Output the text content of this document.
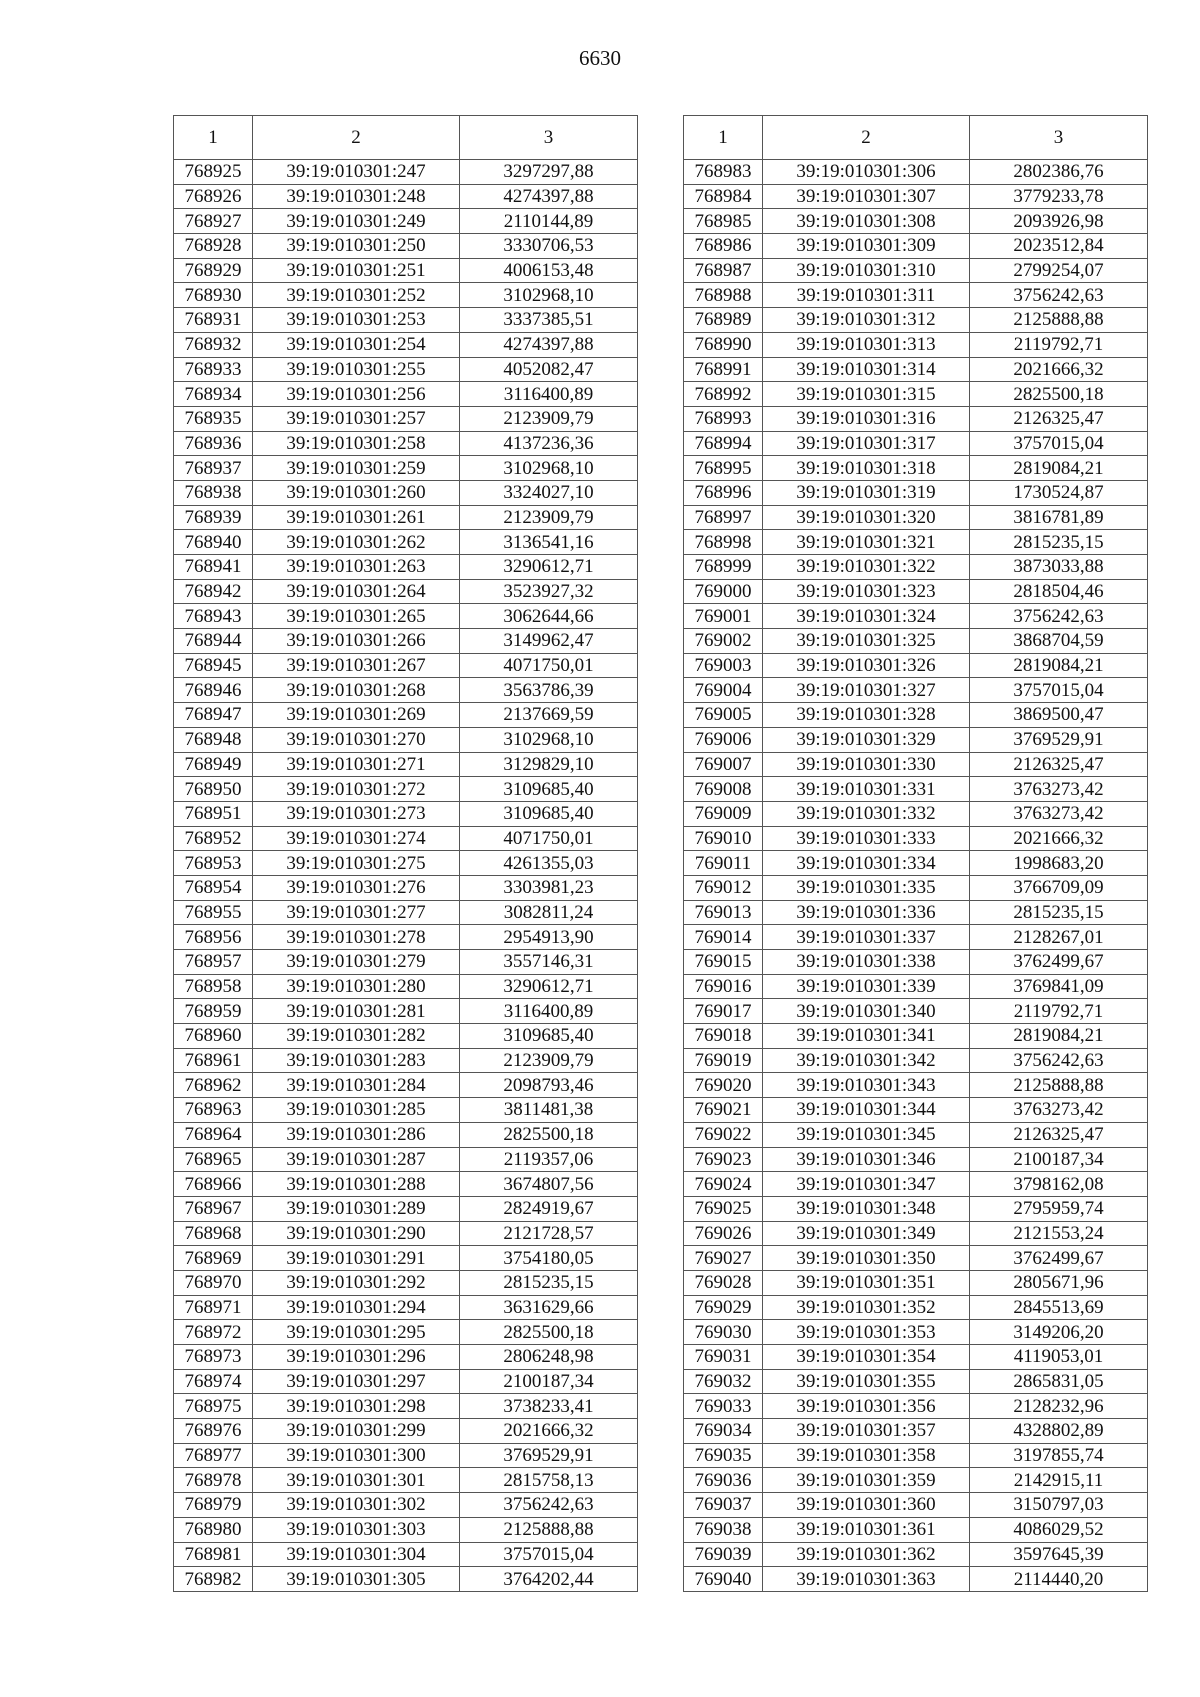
6630
1	2	3
768925	39:19:010301:247	3297297,88
768926	39:19:010301:248	4274397,88
768927	39:19:010301:249	2110144,89
768928	39:19:010301:250	3330706,53
768929	39:19:010301:251	4006153,48
768930	39:19:010301:252	3102968,10
768931	39:19:010301:253	3337385,51
768932	39:19:010301:254	4274397,88
768933	39:19:010301:255	4052082,47
768934	39:19:010301:256	3116400,89
768935	39:19:010301:257	2123909,79
768936	39:19:010301:258	4137236,36
768937	39:19:010301:259	3102968,10
768938	39:19:010301:260	3324027,10
768939	39:19:010301:261	2123909,79
768940	39:19:010301:262	3136541,16
768941	39:19:010301:263	3290612,71
768942	39:19:010301:264	3523927,32
768943	39:19:010301:265	3062644,66
768944	39:19:010301:266	3149962,47
768945	39:19:010301:267	4071750,01
768946	39:19:010301:268	3563786,39
768947	39:19:010301:269	2137669,59
768948	39:19:010301:270	3102968,10
768949	39:19:010301:271	3129829,10
768950	39:19:010301:272	3109685,40
768951	39:19:010301:273	3109685,40
768952	39:19:010301:274	4071750,01
768953	39:19:010301:275	4261355,03
768954	39:19:010301:276	3303981,23
768955	39:19:010301:277	3082811,24
768956	39:19:010301:278	2954913,90
768957	39:19:010301:279	3557146,31
768958	39:19:010301:280	3290612,71
768959	39:19:010301:281	3116400,89
768960	39:19:010301:282	3109685,40
768961	39:19:010301:283	2123909,79
768962	39:19:010301:284	2098793,46
768963	39:19:010301:285	3811481,38
768964	39:19:010301:286	2825500,18
768965	39:19:010301:287	2119357,06
768966	39:19:010301:288	3674807,56
768967	39:19:010301:289	2824919,67
768968	39:19:010301:290	2121728,57
768969	39:19:010301:291	3754180,05
768970	39:19:010301:292	2815235,15
768971	39:19:010301:294	3631629,66
768972	39:19:010301:295	2825500,18
768973	39:19:010301:296	2806248,98
768974	39:19:010301:297	2100187,34
768975	39:19:010301:298	3738233,41
768976	39:19:010301:299	2021666,32
768977	39:19:010301:300	3769529,91
768978	39:19:010301:301	2815758,13
768979	39:19:010301:302	3756242,63
768980	39:19:010301:303	2125888,88
768981	39:19:010301:304	3757015,04
768982	39:19:010301:305	3764202,44
1	2	3
768983	39:19:010301:306	2802386,76
768984	39:19:010301:307	3779233,78
768985	39:19:010301:308	2093926,98
768986	39:19:010301:309	2023512,84
768987	39:19:010301:310	2799254,07
768988	39:19:010301:311	3756242,63
768989	39:19:010301:312	2125888,88
768990	39:19:010301:313	2119792,71
768991	39:19:010301:314	2021666,32
768992	39:19:010301:315	2825500,18
768993	39:19:010301:316	2126325,47
768994	39:19:010301:317	3757015,04
768995	39:19:010301:318	2819084,21
768996	39:19:010301:319	1730524,87
768997	39:19:010301:320	3816781,89
768998	39:19:010301:321	2815235,15
768999	39:19:010301:322	3873033,88
769000	39:19:010301:323	2818504,46
769001	39:19:010301:324	3756242,63
769002	39:19:010301:325	3868704,59
769003	39:19:010301:326	2819084,21
769004	39:19:010301:327	3757015,04
769005	39:19:010301:328	3869500,47
769006	39:19:010301:329	3769529,91
769007	39:19:010301:330	2126325,47
769008	39:19:010301:331	3763273,42
769009	39:19:010301:332	3763273,42
769010	39:19:010301:333	2021666,32
769011	39:19:010301:334	1998683,20
769012	39:19:010301:335	3766709,09
769013	39:19:010301:336	2815235,15
769014	39:19:010301:337	2128267,01
769015	39:19:010301:338	3762499,67
769016	39:19:010301:339	3769841,09
769017	39:19:010301:340	2119792,71
769018	39:19:010301:341	2819084,21
769019	39:19:010301:342	3756242,63
769020	39:19:010301:343	2125888,88
769021	39:19:010301:344	3763273,42
769022	39:19:010301:345	2126325,47
769023	39:19:010301:346	2100187,34
769024	39:19:010301:347	3798162,08
769025	39:19:010301:348	2795959,74
769026	39:19:010301:349	2121553,24
769027	39:19:010301:350	3762499,67
769028	39:19:010301:351	2805671,96
769029	39:19:010301:352	2845513,69
769030	39:19:010301:353	3149206,20
769031	39:19:010301:354	4119053,01
769032	39:19:010301:355	2865831,05
769033	39:19:010301:356	2128232,96
769034	39:19:010301:357	4328802,89
769035	39:19:010301:358	3197855,74
769036	39:19:010301:359	2142915,11
769037	39:19:010301:360	3150797,03
769038	39:19:010301:361	4086029,52
769039	39:19:010301:362	3597645,39
769040	39:19:010301:363	2114440,20
